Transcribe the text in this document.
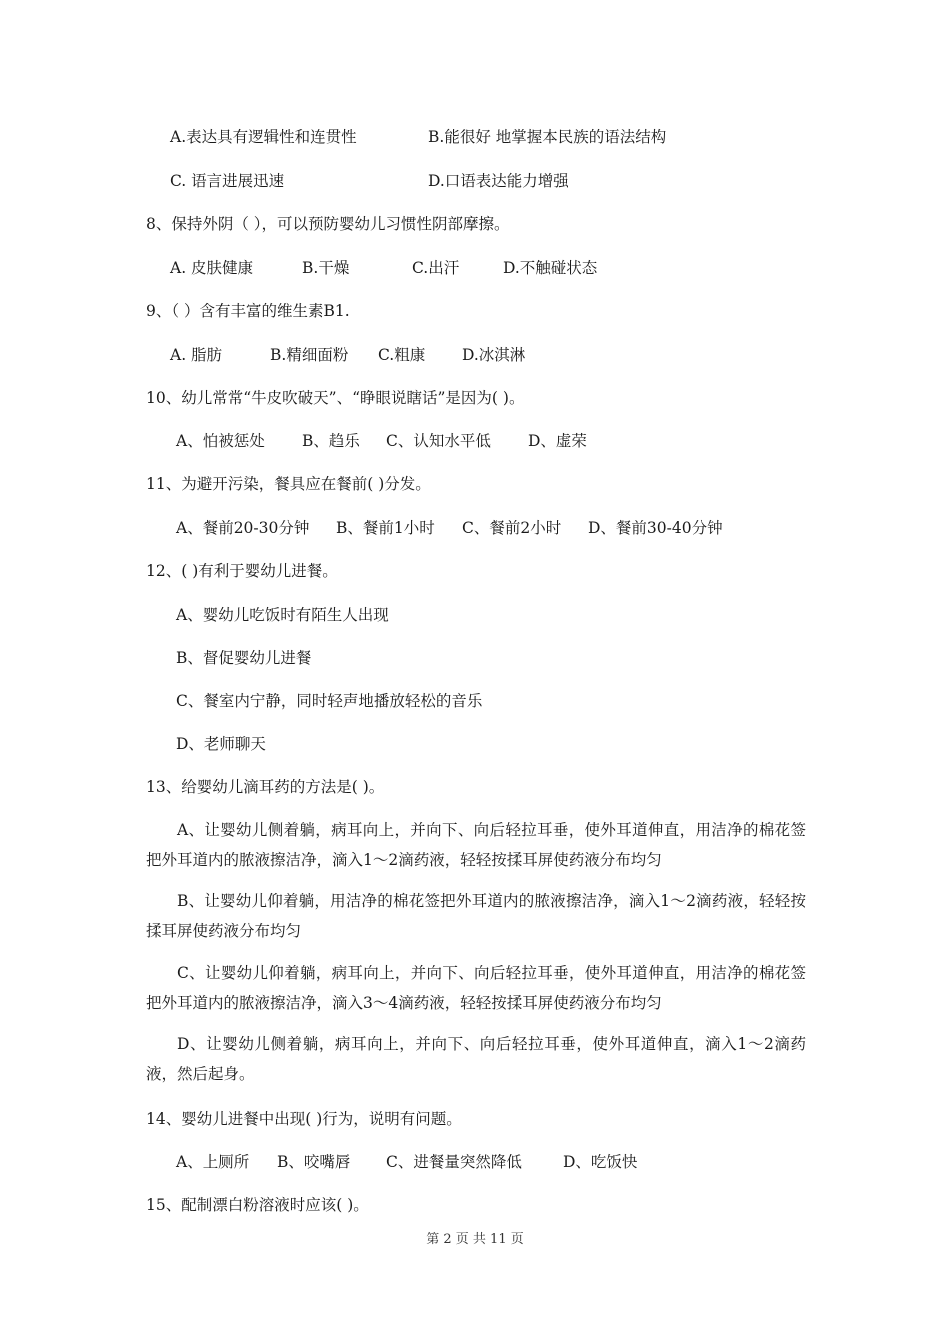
A.表达具有逻辑性和连贯性	B.能很好 地掌握本民族的语法结构
C. 语言进展迅速	D.口语表达能力增强
8、保持外阴（ ），可以预防婴幼儿习惯性阴部摩擦。
A. 皮肤健康	B.干燥	C.出汗	D.不触碰状态
9、（ ）含有丰富的维生素B1.
A. 脂肪	B.精细面粉 C.粗康 D.冰淇淋
10、幼儿常常“牛皮吹破天”、“睁眼说瞎话”是因为( )。
A、怕被惩处 B、趋乐 C、认知水平低 D、虚荣
11、为避开污染，餐具应在餐前( )分发。
A、餐前20-30分钟 B、餐前1小时 C、餐前2小时 D、餐前30-40分钟
12、( )有利于婴幼儿进餐。
A、婴幼儿吃饭时有陌生人出现
B、督促婴幼儿进餐
C、餐室内宁静，同时轻声地播放轻松的音乐
D、老师聊天
13、给婴幼儿滴耳药的方法是( )。
A、让婴幼儿侧着躺，病耳向上，并向下、向后轻拉耳垂，使外耳道伸直，用洁净的棉花签把外耳道内的脓液擦洁净，滴入1～2滴药液，轻轻按揉耳屏使药液分布均匀
B、让婴幼儿仰着躺，用洁净的棉花签把外耳道内的脓液擦洁净，滴入1～2滴药液，轻轻按揉耳屏使药液分布均匀
C、让婴幼儿仰着躺，病耳向上，并向下、向后轻拉耳垂，使外耳道伸直，用洁净的棉花签把外耳道内的脓液擦洁净，滴入3～4滴药液，轻轻按揉耳屏使药液分布均匀
D、让婴幼儿侧着躺，病耳向上，并向下、向后轻拉耳垂，使外耳道伸直，滴入1～2滴药液，然后起身。
14、婴幼儿进餐中出现( )行为，说明有问题。
A、上厕所 B、咬嘴唇 C、进餐量突然降低	D、吃饭快
15、配制漂白粉溶液时应该( )。
第 2 页 共 11 页
